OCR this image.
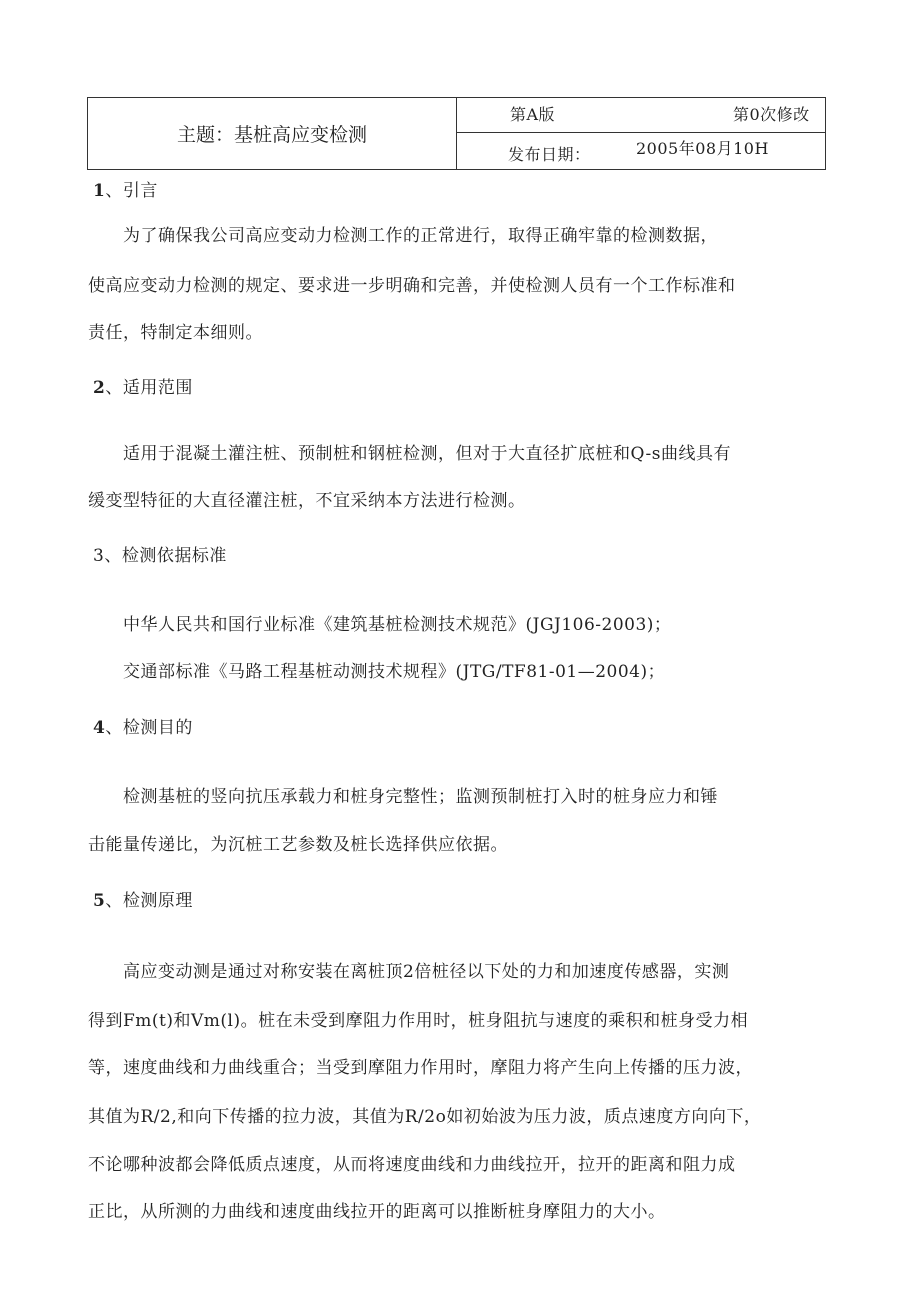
主题：基桩高应变检测
第A版	第0次修改
发布日期：	2005年08月10H
1、引言
　　为了确保我公司高应变动力检测工作的正常进行，取得正确牢靠的检测数据，
使高应变动力检测的规定、要求进一步明确和完善，并使检测人员有一个工作标准和
责任，特制定本细则。
2、适用范围
　　适用于混凝土灌注桩、预制桩和钢桩检测，但对于大直径扩底桩和Q-s曲线具有
缓变型特征的大直径灌注桩，不宜采纳本方法进行检测。
3、检测依据标准
　　中华人民共和国行业标准《建筑基桩检测技术规范》(JGJ106-2003)；
　　交通部标准《马路工程基桩动测技术规程》(JTG/TF81-01—2004)；
4、检测目的
　　检测基桩的竖向抗压承载力和桩身完整性；监测预制桩打入时的桩身应力和锤
击能量传递比，为沉桩工艺参数及桩长选择供应依据。
5、检测原理
　　高应变动测是通过对称安装在离桩顶2倍桩径以下处的力和加速度传感器，实测
得到Fm(t)和Vm(l)。桩在未受到摩阻力作用时，桩身阻抗与速度的乘积和桩身受力相
等，速度曲线和力曲线重合；当受到摩阻力作用时，摩阻力将产生向上传播的压力波，
其值为R/2,和向下传播的拉力波，其值为R/2o如初始波为压力波，质点速度方向向下，
不论哪种波都会降低质点速度，从而将速度曲线和力曲线拉开，拉开的距离和阻力成
正比，从所测的力曲线和速度曲线拉开的距离可以推断桩身摩阻力的大小。
